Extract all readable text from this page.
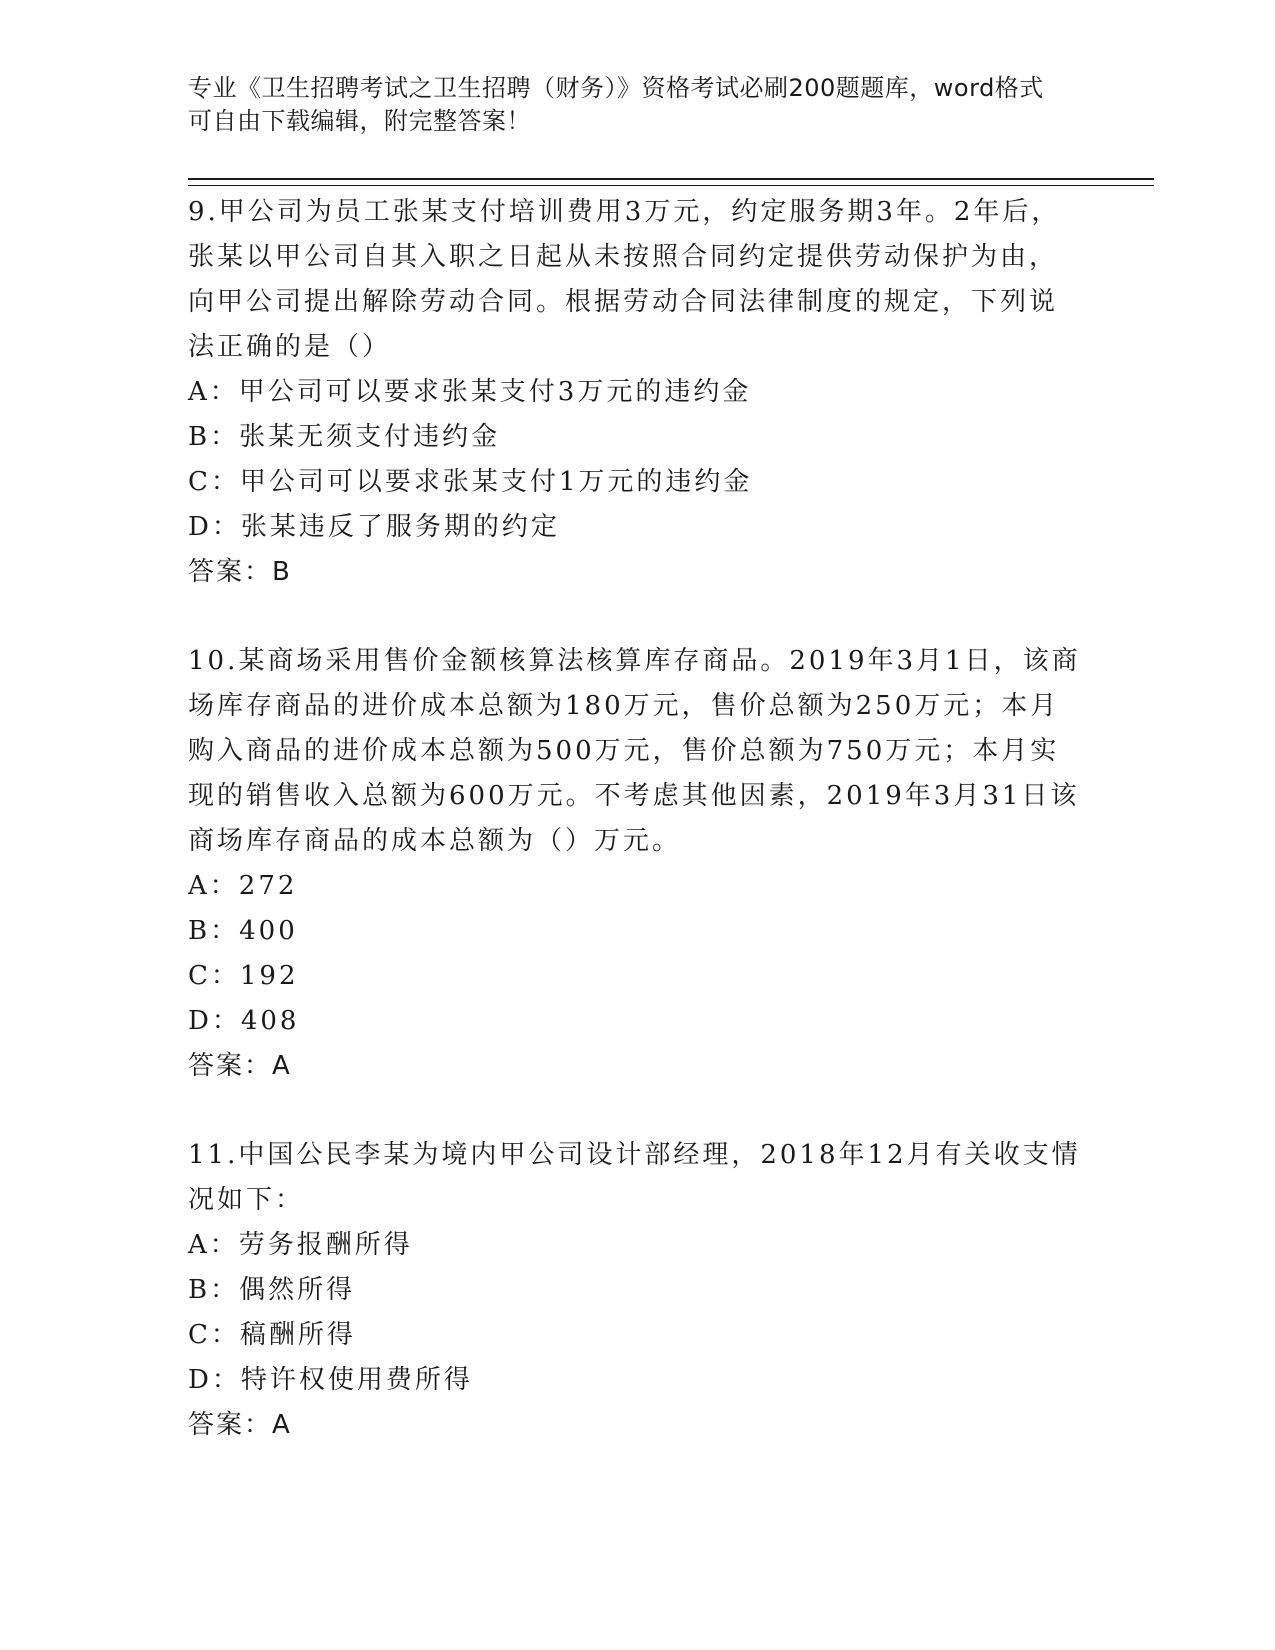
专业《卫生招聘考试之卫生招聘（财务）》资格考试必刷200题题库，word格式
可自由下载编辑，附完整答案！
9.甲公司为员工张某支付培训费用3万元，约定服务期3年。2年后，
张某以甲公司自其入职之日起从未按照合同约定提供劳动保护为由，
向甲公司提出解除劳动合同。根据劳动合同法律制度的规定，下列说
法正确的是（）
A：甲公司可以要求张某支付3万元的违约金
B：张某无须支付违约金
C：甲公司可以要求张某支付1万元的违约金
D：张某违反了服务期的约定
答案：B
10.某商场采用售价金额核算法核算库存商品。2019年3月1日，该商
场库存商品的进价成本总额为180万元，售价总额为250万元；本月
购入商品的进价成本总额为500万元，售价总额为750万元；本月实
现的销售收入总额为600万元。不考虑其他因素，2019年3月31日该
商场库存商品的成本总额为（）万元。
A：272
B：400
C：192
D：408
答案：A
11.中国公民李某为境内甲公司设计部经理，2018年12月有关收支情
况如下：
A：劳务报酬所得
B：偶然所得
C：稿酬所得
D：特许权使用费所得
答案：A
